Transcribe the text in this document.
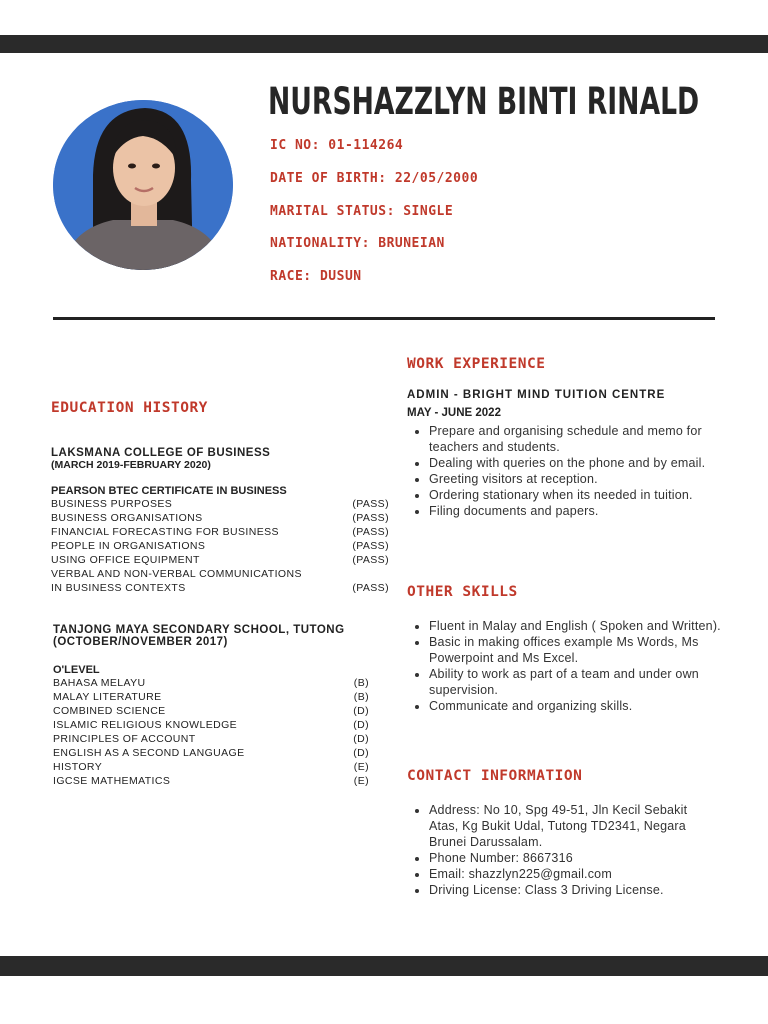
NURSHAZZLYN BINTI RINALD
IC NO: 01-114264
DATE OF BIRTH: 22/05/2000
MARITAL STATUS: SINGLE
NATIONALITY: BRUNEIAN
RACE: DUSUN
EDUCATION HISTORY
LAKSMANA COLLEGE OF BUSINESS
(MARCH 2019-FEBRUARY 2020)
PEARSON BTEC CERTIFICATE IN BUSINESS
BUSINESS PURPOSES	(PASS)
BUSINESS ORGANISATIONS	(PASS)
FINANCIAL FORECASTING FOR BUSINESS	(PASS)
PEOPLE IN ORGANISATIONS	(PASS)
USING OFFICE EQUIPMENT	(PASS)
VERBAL AND NON-VERBAL COMMUNICATIONS
IN BUSINESS CONTEXTS	(PASS)
TANJONG MAYA SECONDARY SCHOOL, TUTONG
(OCTOBER/NOVEMBER 2017)
O'LEVEL
BAHASA MELAYU	(B)
MALAY LITERATURE	(B)
COMBINED SCIENCE	(D)
ISLAMIC RELIGIOUS KNOWLEDGE	(D)
PRINCIPLES OF ACCOUNT	(D)
ENGLISH AS A SECOND LANGUAGE	(D)
HISTORY	(E)
IGCSE MATHEMATICS	(E)
WORK EXPERIENCE
ADMIN - BRIGHT MIND TUITION CENTRE
MAY - JUNE 2022
• Prepare and organising schedule and memo for teachers and students.
• Dealing with queries on the phone and by email.
• Greeting visitors at reception.
• Ordering stationary when its needed in tuition.
• Filing documents and papers.
OTHER SKILLS
• Fluent in Malay and English ( Spoken and Written).
• Basic in making offices example Ms Words, Ms Powerpoint and Ms Excel.
• Ability to work as part of a team and under own supervision.
• Communicate and organizing skills.
CONTACT INFORMATION
• Address: No 10, Spg 49-51, Jln Kecil Sebakit Atas, Kg Bukit Udal, Tutong TD2341, Negara Brunei Darussalam.
• Phone Number: 8667316
• Email: shazzlyn225@gmail.com
• Driving License: Class 3 Driving License.
